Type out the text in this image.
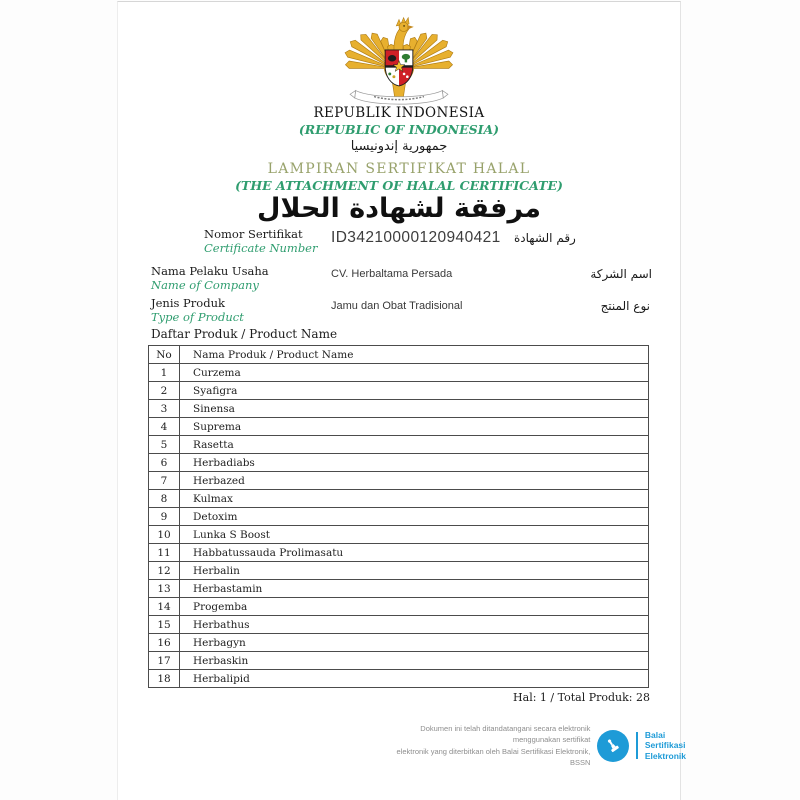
REPUBLIK INDONESIA
(REPUBLIC OF INDONESIA)
جمهورية إندونيسيا
LAMPIRAN SERTIFIKAT HALAL
(THE ATTACHMENT OF HALAL CERTIFICATE)
مرفقة لشهادة الحلال
Nomor Sertifikat
Certificate Number
ID34210000120940421 رقم الشهادة
Nama Pelaku Usaha
Name of Company
CV. Herbaltama Persada	اسم الشركة
Jenis Produk
Type of Product
Jamu dan Obat Tradisional	نوع المنتج
Daftar Produk / Product Name
No	Nama Produk / Product Name
1	Curzema
2	Syafigra
3	Sinensa
4	Suprema
5	Rasetta
6	Herbadiabs
7	Herbazed
8	Kulmax
9	Detoxim
10	Lunka S Boost
11	Habbatussauda Prolimasatu
12	Herbalin
13	Herbastamin
14	Progemba
15	Herbathus
16	Herbagyn
17	Herbaskin
18	Herbalipid
Hal: 1 / Total Produk: 28
Dokumen ini telah ditandatangani secara elektronik menggunakan sertifikat
elektronik yang diterbitkan oleh Balai Sertifikasi Elektronik, BSSN
Balai
Sertifikasi
Elektronik
